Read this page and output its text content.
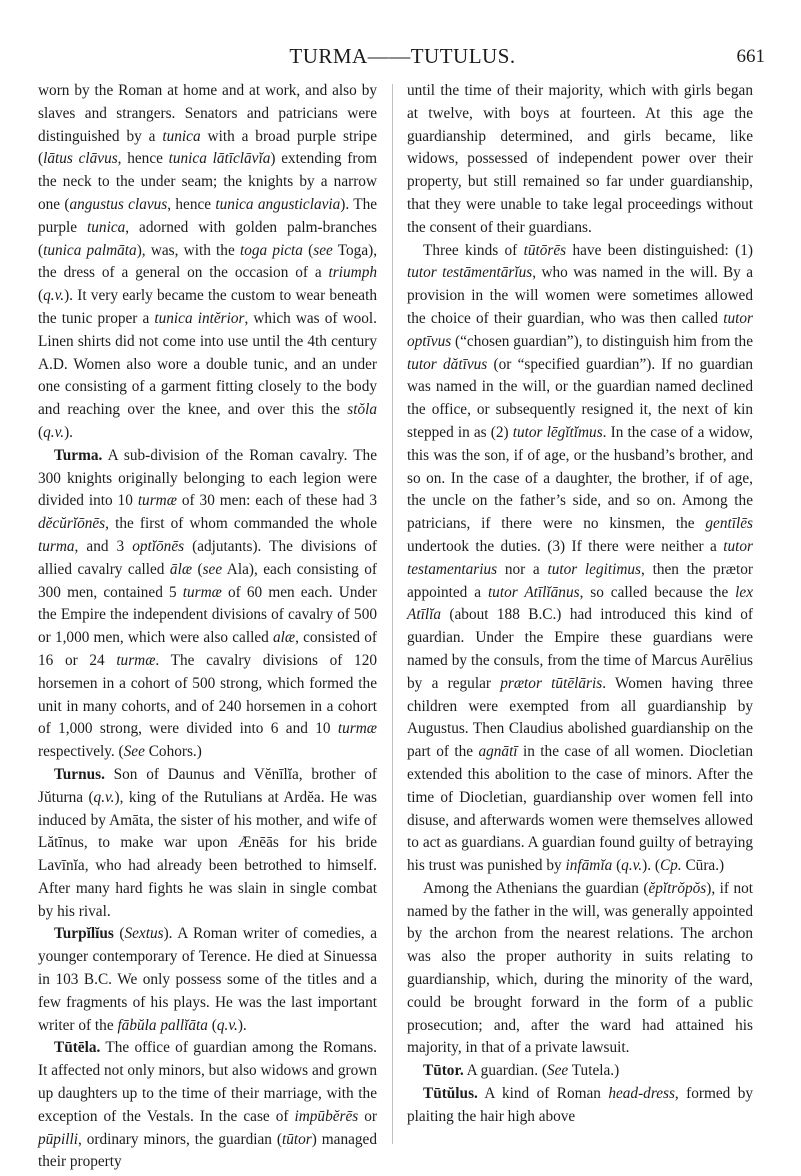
TURMA——TUTULUS.	661

worn by the Roman at home and at work, and also by slaves and strangers. Senators and patricians were distinguished by a tunica with a broad purple stripe (lātus clāvus, hence tunica lātīclāvĭa) extending from the neck to the under seam; the knights by a narrow one (angustus clavus, hence tunica angusticlavia). The purple tunica, adorned with golden palm-branches (tunica palmāta), was, with the toga picta (see Toga), the dress of a general on the occasion of a triumph (q.v.). It very early became the custom to wear beneath the tunic proper a tunica intĕrior, which was of wool. Linen shirts did not come into use until the 4th century A.D. Women also wore a double tunic, and an under one consisting of a garment fitting closely to the body and reaching over the knee, and over this the stŏla (q.v.).

Turma. A sub-division of the Roman cavalry. The 300 knights originally belonging to each legion were divided into 10 turmæ of 30 men: each of these had 3 dĕcŭrĭōnēs, the first of whom commanded the whole turma, and 3 optĭōnēs (adjutants). The divisions of allied cavalry called ālæ (see Ala), each consisting of 300 men, contained 5 turmæ of 60 men each. Under the Empire the independent divisions of cavalry of 500 or 1,000 men, which were also called alæ, consisted of 16 or 24 turmæ. The cavalry divisions of 120 horsemen in a cohort of 500 strong, which formed the unit in many cohorts, and of 240 horsemen in a cohort of 1,000 strong, were divided into 6 and 10 turmæ respectively. (See Cohors.)

Turnus. Son of Daunus and Vĕnīlĭa, brother of Jŭturna (q.v.), king of the Rutulians at Ardĕa. He was induced by Amāta, the sister of his mother, and wife of Lătīnus, to make war upon Ænēās for his bride Lavīnĭa, who had already been betrothed to himself. After many hard fights he was slain in single combat by his rival.

Turpĭlĭus (Sextus). A Roman writer of comedies, a younger contemporary of Terence. He died at Sinuessa in 103 B.C. We only possess some of the titles and a few fragments of his plays. He was the last important writer of the fābŭla pallĭāta (q.v.).

Tūtēla. The office of guardian among the Romans. It affected not only minors, but also widows and grown up daughters up to the time of their marriage, with the exception of the Vestals. In the case of impūbĕrēs or pūpilli, ordinary minors, the guardian (tūtor) managed their property

until the time of their majority, which with girls began at twelve, with boys at fourteen. At this age the guardianship determined, and girls became, like widows, possessed of independent power over their property, but still remained so far under guardianship, that they were unable to take legal proceedings without the consent of their guardians.

Three kinds of tūtōrēs have been distinguished: (1) tutor testāmentārĭus, who was named in the will. By a provision in the will women were sometimes allowed the choice of their guardian, who was then called tutor optīvus (“chosen guardian”), to distinguish him from the tutor dătīvus (or “specified guardian”). If no guardian was named in the will, or the guardian named declined the office, or subsequently resigned it, the next of kin stepped in as (2) tutor lēgĭtĭmus. In the case of a widow, this was the son, if of age, or the husband’s brother, and so on. In the case of a daughter, the brother, if of age, the uncle on the father’s side, and so on. Among the patricians, if there were no kinsmen, the gentīlēs undertook the duties. (3) If there were neither a tutor testamentarius nor a tutor legitimus, then the prætor appointed a tutor Atīlĭānus, so called because the lex Atīlĭa (about 188 B.C.) had introduced this kind of guardian. Under the Empire these guardians were named by the consuls, from the time of Marcus Aurēlius by a regular prætor tūtēlāris. Women having three children were exempted from all guardianship by Augustus. Then Claudius abolished guardianship on the part of the agnātī in the case of all women. Diocletian extended this abolition to the case of minors. After the time of Diocletian, guardianship over women fell into disuse, and afterwards women were themselves allowed to act as guardians. A guardian found guilty of betraying his trust was punished by infāmĭa (q.v.). (Cp. Cūra.)

Among the Athenians the guardian (ĕpĭtrŏpŏs), if not named by the father in the will, was generally appointed by the archon from the nearest relations. The archon was also the proper authority in suits relating to guardianship, which, during the minority of the ward, could be brought forward in the form of a public prosecution; and, after the ward had attained his majority, in that of a private lawsuit.

Tūtor. A guardian. (See Tutela.)

Tūtŭlus. A kind of Roman head-dress, formed by plaiting the hair high above
